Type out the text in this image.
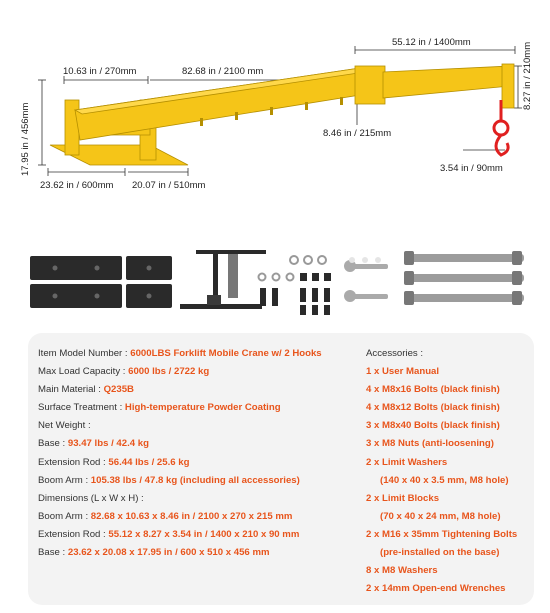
55.12 in / 1400mm
10.63 in / 270mm	82.68 in / 2100 mm
17.95 in / 456mm
8.27 in / 210mm
8.46 in / 215mm
3.54 in / 90mm
23.62 in / 600mm 20.07 in / 510mm
Item Model Number : 6000LBS Forklift Mobile Crane w/ 2 Hooks
Max Load Capacity : 6000 lbs / 2722 kg
Main Material : Q235B
Surface Treatment : High-temperature Powder Coating
Net Weight :
Base : 93.47 lbs / 42.4 kg
Extension Rod : 56.44 lbs / 25.6 kg
Boom Arm : 105.38 lbs / 47.8 kg (including all accessories)
Dimensions (L x W x H) :
Boom Arm : 82.68 x 10.63 x 8.46 in / 2100 x 270 x 215 mm
Extension Rod : 55.12 x 8.27 x 3.54 in / 1400 x 210 x 90 mm
Base : 23.62 x 20.08 x 17.95 in / 600 x 510 x 456 mm
Accessories :
1 x User Manual
4 x M8x16 Bolts (black finish)
4 x M8x12 Bolts (black finish)
3 x M8x40 Bolts (black finish)
3 x M8 Nuts (anti-loosening)
2 x Limit Washers
(140 x 40 x 3.5 mm, M8 hole)
2 x Limit Blocks
(70 x 40 x 24 mm, M8 hole)
2 x M16 x 35mm Tightening Bolts
(pre-installed on the base)
8 x M8 Washers
2 x 14mm Open-end Wrenches
